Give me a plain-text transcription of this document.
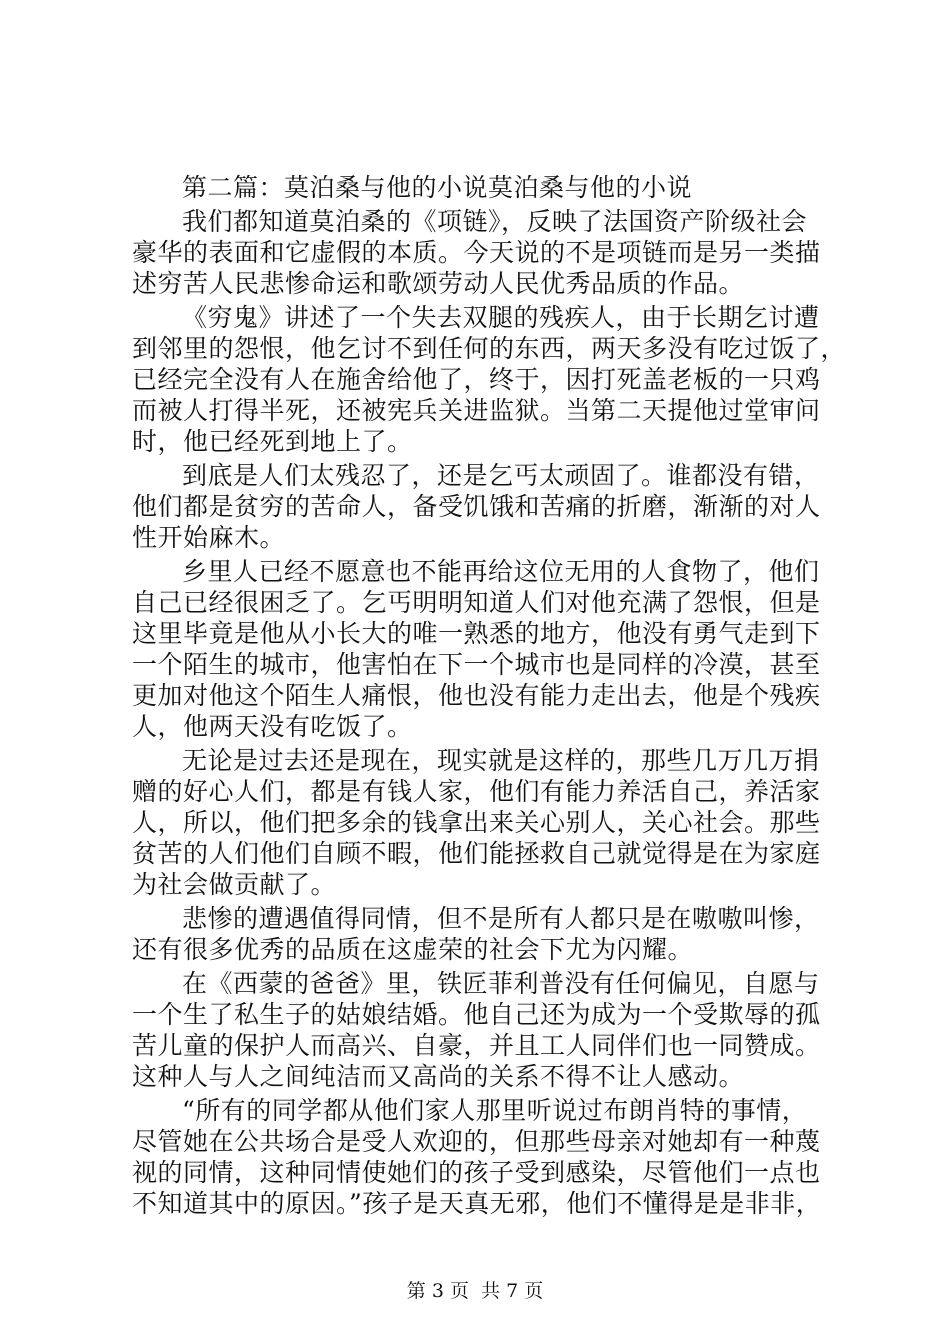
第二篇：莫泊桑与他的小说莫泊桑与他的小说
我们都知道莫泊桑的《项链》，反映了法国资产阶级社会
豪华的表面和它虚假的本质。今天说的不是项链而是另一类描
述穷苦人民悲惨命运和歌颂劳动人民优秀品质的作品。
《穷鬼》讲述了一个失去双腿的残疾人，由于长期乞讨遭
到邻里的怨恨，他乞讨不到任何的东西，两天多没有吃过饭了，
已经完全没有人在施舍给他了，终于，因打死盖老板的一只鸡
而被人打得半死，还被宪兵关进监狱。当第二天提他过堂审问
时，他已经死到地上了。
到底是人们太残忍了，还是乞丐太顽固了。谁都没有错，
他们都是贫穷的苦命人，备受饥饿和苦痛的折磨，渐渐的对人
性开始麻木。
乡里人已经不愿意也不能再给这位无用的人食物了，他们
自己已经很困乏了。乞丐明明知道人们对他充满了怨恨，但是
这里毕竟是他从小长大的唯一熟悉的地方，他没有勇气走到下
一个陌生的城市，他害怕在下一个城市也是同样的冷漠，甚至
更加对他这个陌生人痛恨，他也没有能力走出去，他是个残疾
人，他两天没有吃饭了。
无论是过去还是现在，现实就是这样的，那些几万几万捐
赠的好心人们，都是有钱人家，他们有能力养活自己，养活家
人，所以，他们把多余的钱拿出来关心别人，关心社会。那些
贫苦的人们他们自顾不暇，他们能拯救自己就觉得是在为家庭
为社会做贡献了。
悲惨的遭遇值得同情，但不是所有人都只是在嗷嗷叫惨，
还有很多优秀的品质在这虚荣的社会下尤为闪耀。
在《西蒙的爸爸》里，铁匠菲利普没有任何偏见，自愿与
一个生了私生子的姑娘结婚。他自己还为成为一个受欺辱的孤
苦儿童的保护人而高兴、自豪，并且工人同伴们也一同赞成。
这种人与人之间纯洁而又高尚的关系不得不让人感动。
“所有的同学都从他们家人那里听说过布朗肖特的事情，
尽管她在公共场合是受人欢迎的，但那些母亲对她却有一种蔑
视的同情，这种同情使她们的孩子受到感染，尽管他们一点也
不知道其中的原因。”孩子是天真无邪，他们不懂得是是非非，
第 3 页  共 7 页
